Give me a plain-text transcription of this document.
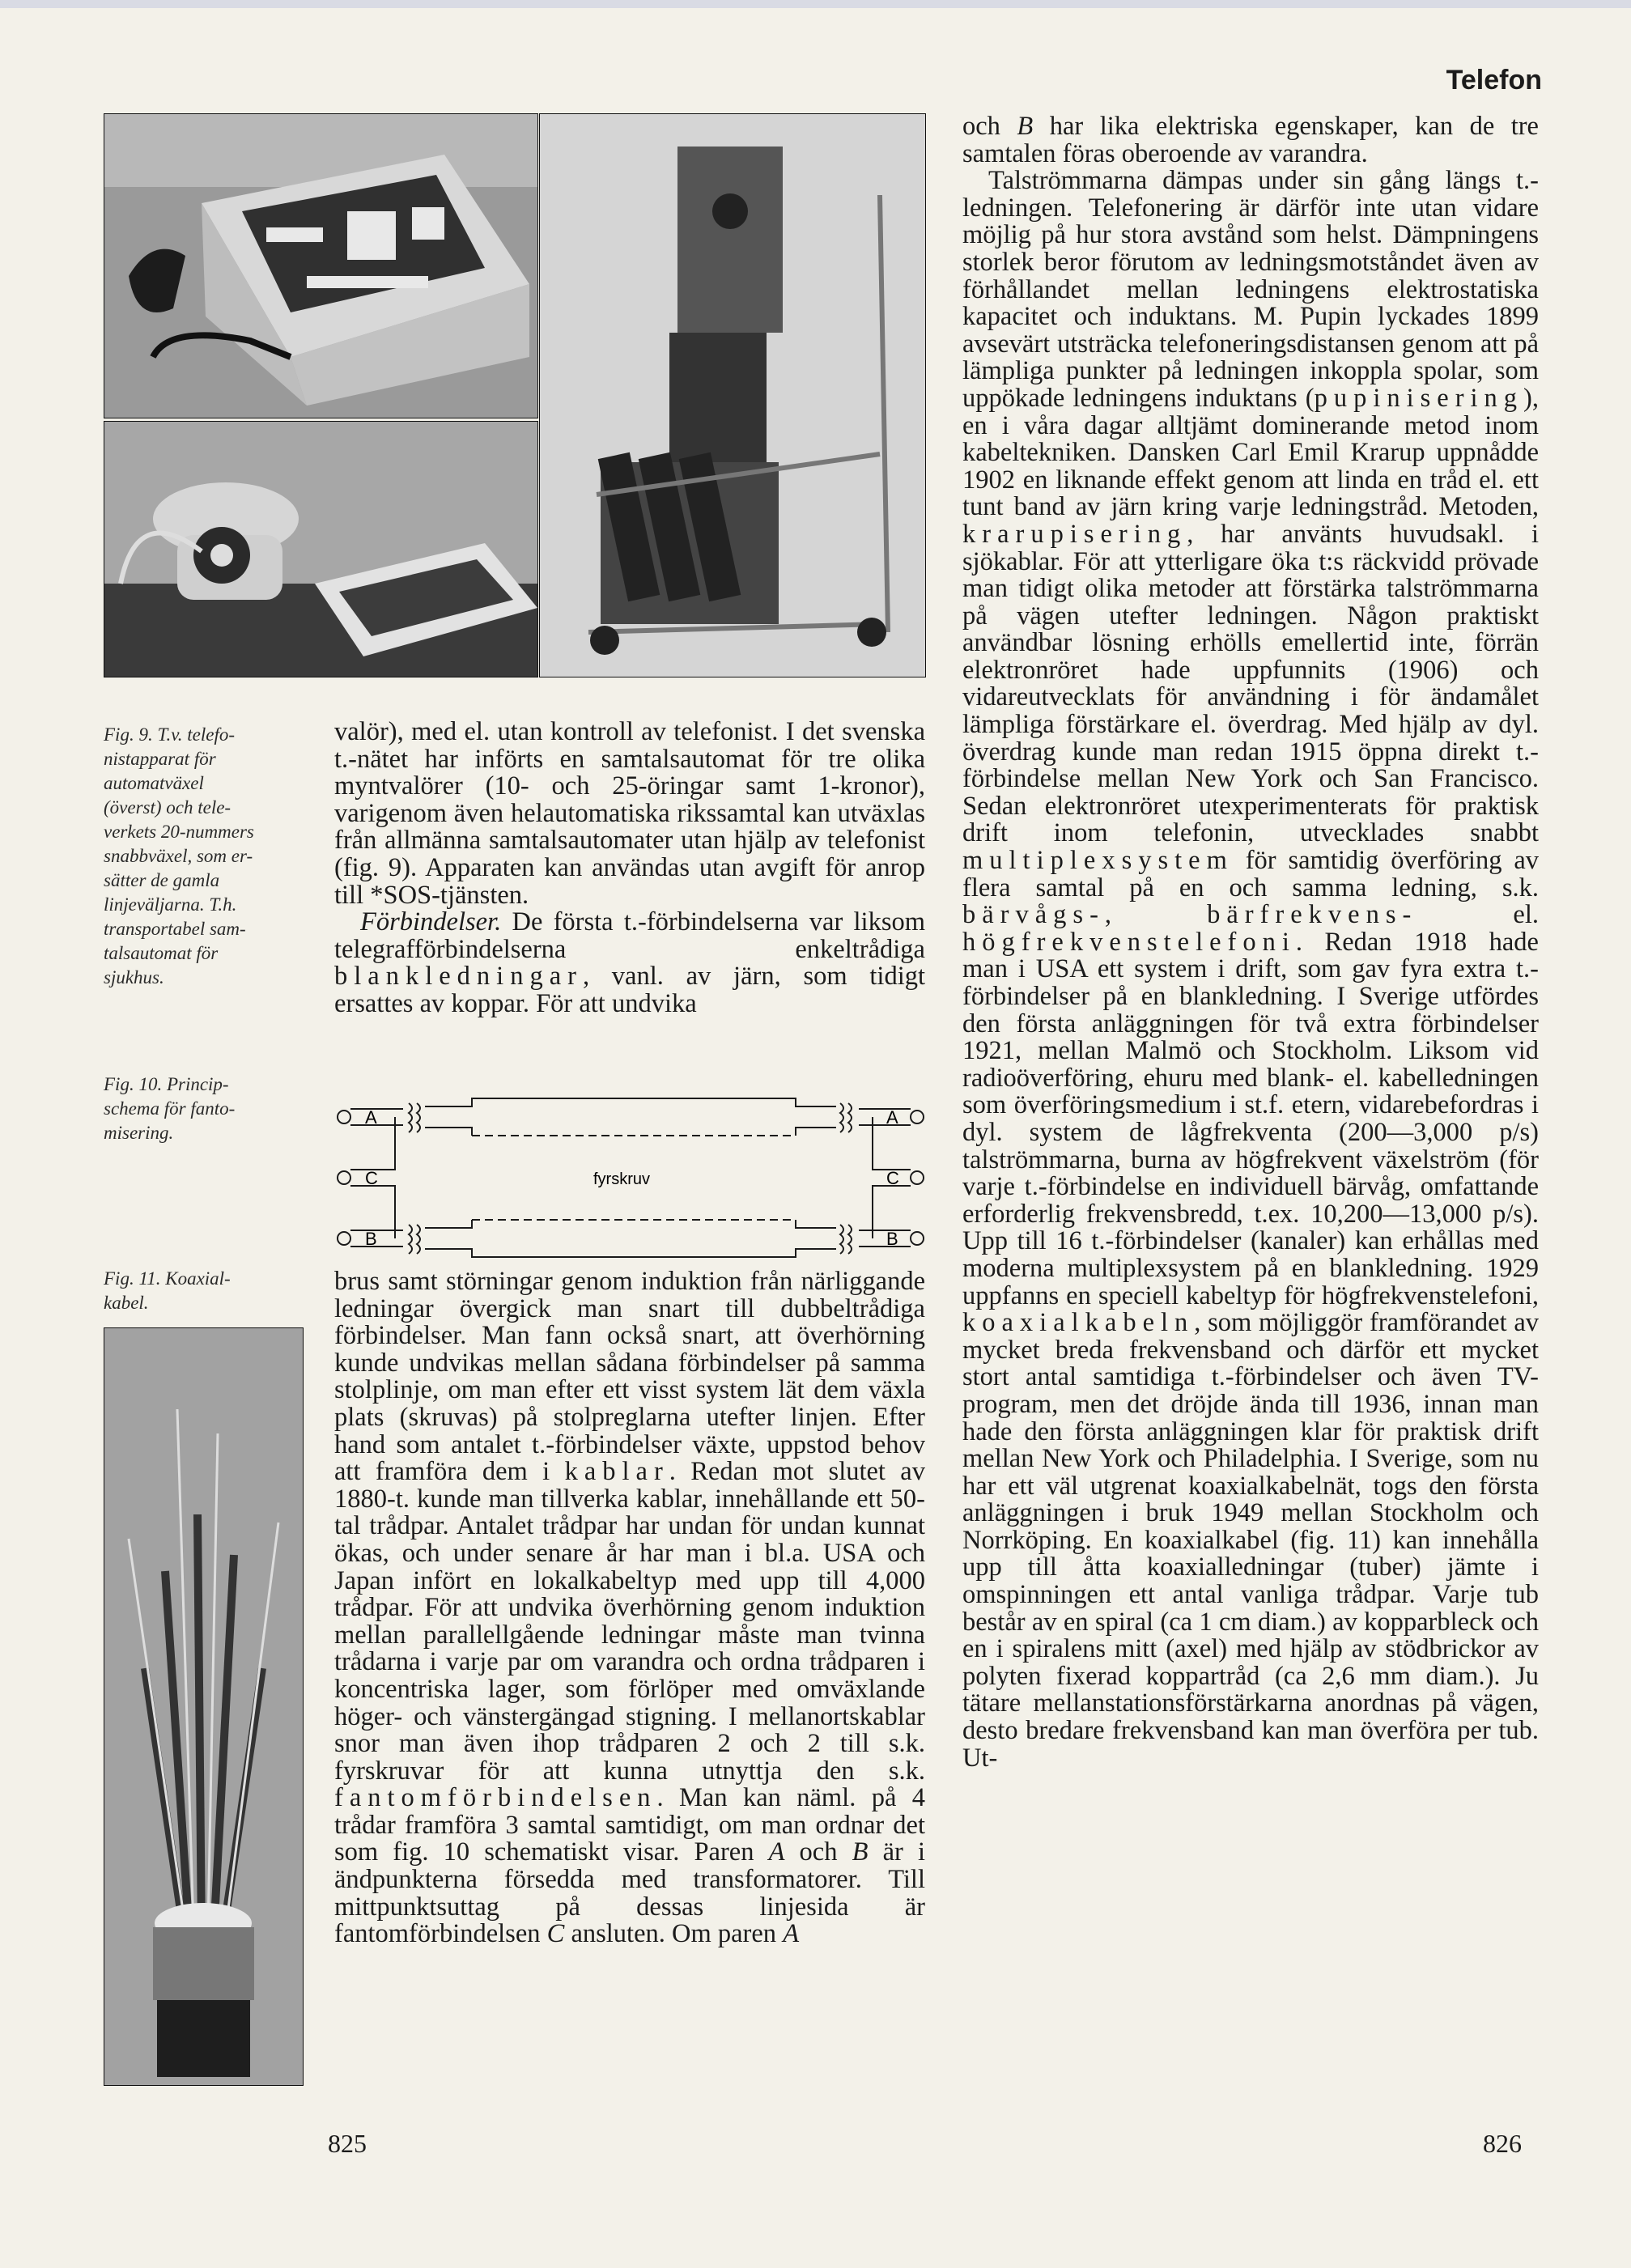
Telefon
Fig. 9. T.v. telefo-
nistapparat för
automatväxel
(överst) och tele-
verkets 20-nummers
snabbväxel, som er-
sätter de gamla
linjeväljarna. T.h.
transportabel sam-
talsautomat för
sjukhus.
Fig. 10. Princip-
schema för fanto-
misering.
Fig. 11. Koaxial-
kabel.

valör), med el. utan kontroll av telefonist. I det svenska t.-nätet har införts en samtalsautomat för tre olika myntvalörer (10- och 25-öringar samt 1-kronor), varigenom även helautomatiska rikssamtal kan utväxlas från allmänna samtalsautomater utan hjälp av telefonist (fig. 9). Apparaten kan användas utan avgift för anrop till *SOS-tjänsten.

Förbindelser. De första t.-förbindelserna var liksom telegrafförbindelserna enkeltrådiga blankledningar, vanl. av järn, som tidigt ersattes av koppar. För att undvika

A
C
B
A
C
B
fyrskruv

brus samt störningar genom induktion från närliggande ledningar övergick man snart till dubbeltrådiga förbindelser. Man fann också snart, att överhörning kunde undvikas mellan sådana förbindelser på samma stolplinje, om man efter ett visst system lät dem växla plats (skruvas) på stolpreglarna utefter linjen. Efter hand som antalet t.-förbindelser växte, uppstod behov att framföra dem i kablar. Redan mot slutet av 1880-t. kunde man tillverka kablar, innehållande ett 50-tal trådpar. Antalet trådpar har undan för undan kunnat ökas, och under senare år har man i bl.a. USA och Japan infört en lokalkabeltyp med upp till 4,000 trådpar. För att undvika överhörning genom induktion mellan parallellgående ledningar måste man tvinna trådarna i varje par om varandra och ordna trådparen i koncentriska lager, som förlöper med omväxlande höger- och vänstergängad stigning. I mellanortskablar snor man även ihop trådparen 2 och 2 till s.k. fyrskruvar för att kunna utnyttja den s.k. fantomförbindelsen. Man kan näml. på 4 trådar framföra 3 samtal samtidigt, om man ordnar det som fig. 10 schematiskt visar. Paren A och B är i ändpunkterna försedda med transformatorer. Till mittpunktsuttag på dessas linjesida är fantomförbindelsen C ansluten. Om paren A

och B har lika elektriska egenskaper, kan de tre samtalen föras oberoende av varandra.

Talströmmarna dämpas under sin gång längs t.-ledningen. Telefonering är därför inte utan vidare möjlig på hur stora avstånd som helst. Dämpningens storlek beror förutom av ledningsmotståndet även av förhållandet mellan ledningens elektrostatiska kapacitet och induktans. M. Pupin lyckades 1899 avsevärt utsträcka telefoneringsdistansen genom att på lämpliga punkter på ledningen inkoppla spolar, som uppökade ledningens induktans (pupinisering), en i våra dagar alltjämt dominerande metod inom kabeltekniken. Dansken Carl Emil Krarup uppnådde 1902 en liknande effekt genom att linda en tråd el. ett tunt band av järn kring varje ledningstråd. Metoden, krarupisering, har använts huvudsakl. i sjökablar. För att ytterligare öka t:s räckvidd prövade man tidigt olika metoder att förstärka talströmmarna på vägen utefter ledningen. Någon praktiskt användbar lösning erhölls emellertid inte, förrän elektronröret hade uppfunnits (1906) och vidareutvecklats för användning i för ändamålet lämpliga förstärkare el. överdrag. Med hjälp av dyl. överdrag kunde man redan 1915 öppna direkt t.-förbindelse mellan New York och San Francisco. Sedan elektronröret utexperimenterats för praktisk drift inom telefonin, utvecklades snabbt multiplexsystem för samtidig överföring av flera samtal på en och samma ledning, s.k. bärvågs-, bärfrekvens- el. högfrekvenstelefoni. Redan 1918 hade man i USA ett system i drift, som gav fyra extra t.-förbindelser på en blankledning. I Sverige utfördes den första anläggningen för två extra förbindelser 1921, mellan Malmö och Stockholm. Liksom vid radioöverföring, ehuru med blank- el. kabelledningen som överföringsmedium i st.f. etern, vidarebefordras i dyl. system de lågfrekventa (200—3,000 p/s) talströmmarna, burna av högfrekvent växelström (för varje t.-förbindelse en individuell bärvåg, omfattande erforderlig frekvensbredd, t.ex. 10,200—13,000 p/s). Upp till 16 t.-förbindelser (kanaler) kan erhållas med moderna multiplexsystem på en blankledning. 1929 uppfanns en speciell kabeltyp för högfrekvenstelefoni, koaxialkabeln, som möjliggör framförandet av mycket breda frekvensband och därför ett mycket stort antal samtidiga t.-förbindelser och även TV-program, men det dröjde ända till 1936, innan man hade den första anläggningen klar för praktisk drift mellan New York och Philadelphia. I Sverige, som nu har ett väl utgrenat koaxialkabelnät, togs den första anläggningen i bruk 1949 mellan Stockholm och Norrköping. En koaxialkabel (fig. 11) kan innehålla upp till åtta koaxialledningar (tuber) jämte i omspinningen ett antal vanliga trådpar. Varje tub består av en spiral (ca 1 cm diam.) av kopparbleck och en i spiralens mitt (axel) med hjälp av stödbrickor av polyten fixerad koppartråd (ca 2,6 mm diam.). Ju tätare mellanstationsförstärkarna anordnas på vägen, desto bredare frekvensband kan man överföra per tub. Ut-

825	826
